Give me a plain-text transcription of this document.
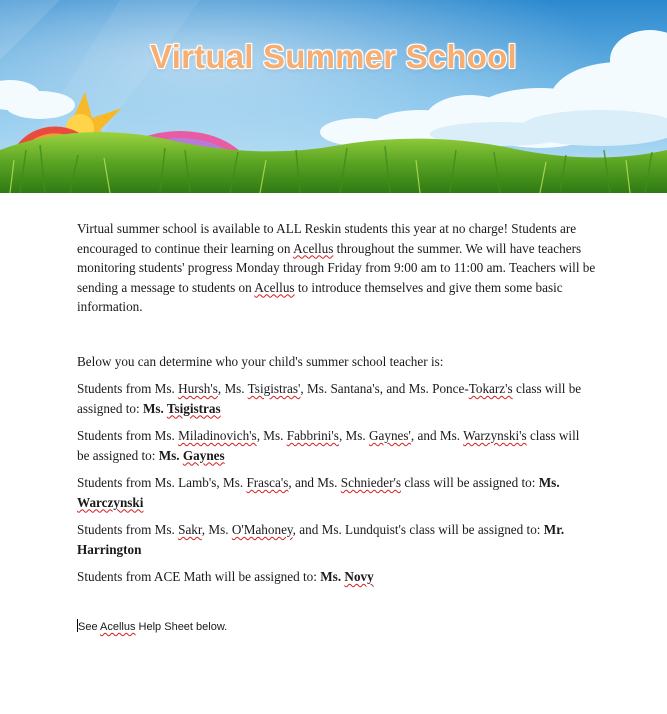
Virtual Summer School

Virtual summer school is available to ALL Reskin students this year at no charge! Students are encouraged to continue their learning on Acellus throughout the summer. We will have teachers monitoring students' progress Monday through Friday from 9:00 am to 11:00 am. Teachers will be sending a message to students on Acellus to introduce themselves and give them some basic information.

Below you can determine who your child's summer school teacher is:

Students from Ms. Hursh's, Ms. Tsigistras', Ms. Santana's, and Ms. Ponce-Tokarz's class will be assigned to: Ms. Tsigistras

Students from Ms. Miladinovich's, Ms. Fabbrini's, Ms. Gaynes', and Ms. Warzynski's class will be assigned to: Ms. Gaynes

Students from Ms. Lamb's, Ms. Frasca's, and Ms. Schnieder's class will be assigned to: Ms. Warczynski

Students from Ms. Sakr, Ms. O'Mahoney, and Ms. Lundquist's class will be assigned to: Mr. Harrington

Students from ACE Math will be assigned to: Ms. Novy

See Acellus Help Sheet below.
